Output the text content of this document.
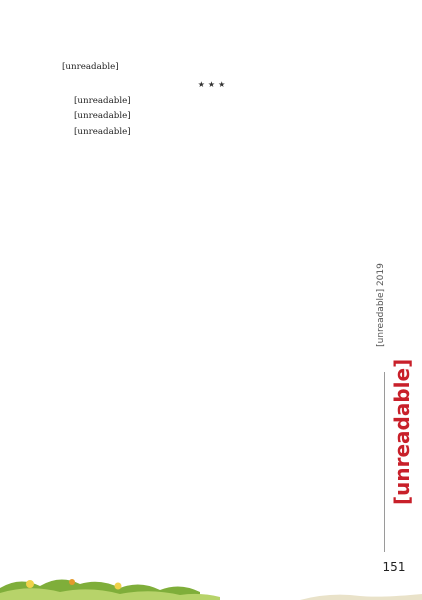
[unreadable]

★★★

[unreadable]

[unreadable]

[unreadable]

[unreadable] 2019
[unreadable]
151
